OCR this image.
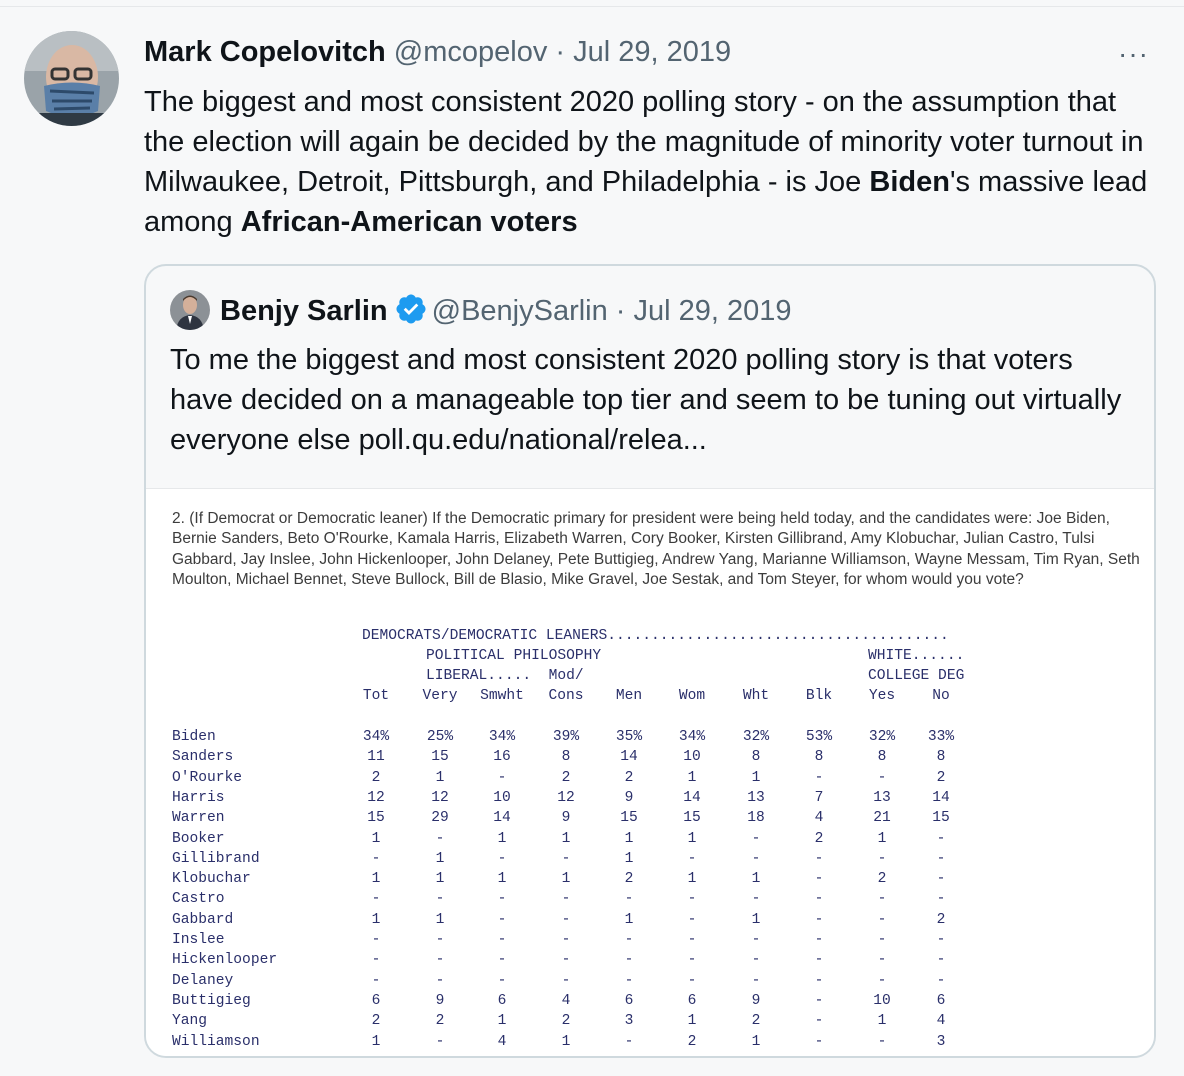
Mark Copelovitch @mcopelov · Jul 29, 2019	···
The biggest and most consistent 2020 polling story - on the assumption that the election will again be decided by the magnitude of minority voter turnout in Milwaukee, Detroit, Pittsburgh, and Philadelphia - is Joe Biden's massive lead among African-American voters
Benjy Sarlin @BenjySarlin · Jul 29, 2019
To me the biggest and most consistent 2020 polling story is that voters have decided on a manageable top tier and seem to be tuning out virtually everyone else poll.qu.edu/national/relea...
2. (If Democrat or Democratic leaner) If the Democratic primary for president were being held today, and the candidates were: Joe Biden, Bernie Sanders, Beto O'Rourke, Kamala Harris, Elizabeth Warren, Cory Booker, Kirsten Gillibrand, Amy Klobuchar, Julian Castro, Tulsi Gabbard, Jay Inslee, John Hickenlooper, John Delaney, Pete Buttigieg, Andrew Yang, Marianne Williamson, Wayne Messam, Tim Ryan, Seth Moulton, Michael Bennet, Steve Bullock, Bill de Blasio, Mike Gravel, Joe Sestak, and Tom Steyer, for whom would you vote?
DEMOCRATS/DEMOCRATIC LEANERS.......................................
POLITICAL PHILOSOPHY	WHITE......
LIBERAL.....  Mod/	COLLEGE DEG
Tot	Very	Smwht	Cons	Men	Wom	Wht	Blk	Yes	No
Biden	34%	25%	34%	39%	35%	34%	32%	53%	32%	33%
Sanders	11	15	16	8	14	10	8	8	8	8
O'Rourke	2	1	-	2	2	1	1	-	-	2
Harris	12	12	10	12	9	14	13	7	13	14
Warren	15	29	14	9	15	15	18	4	21	15
Booker	1	-	1	1	1	1	-	2	1	-
Gillibrand	-	1	-	-	1	-	-	-	-	-
Klobuchar	1	1	1	1	2	1	1	-	2	-
Castro	-	-	-	-	-	-	-	-	-	-
Gabbard	1	1	-	-	1	-	1	-	-	2
Inslee	-	-	-	-	-	-	-	-	-	-
Hickenlooper	-	-	-	-	-	-	-	-	-	-
Delaney	-	-	-	-	-	-	-	-	-	-
Buttigieg	6	9	6	4	6	6	9	-	10	6
Yang	2	2	1	2	3	1	2	-	1	4
Williamson	1	-	4	1	-	2	1	-	-	3
